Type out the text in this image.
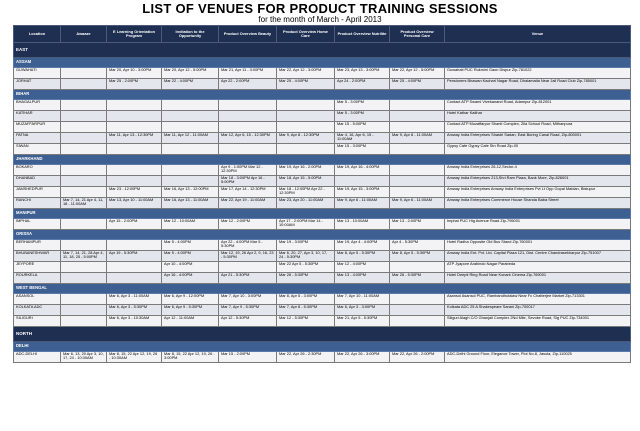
LIST OF VENUES FOR PRODUCT TRAINING SESSIONS
for the month of March - April 2013
Location	Awaaze	E Learning Orientation Program	Invitation to the Opportunity	Product Overview Beauty	Product Overview Home Care	Product Overview Nutrilite	Product Overview Personal Care	Venue
EAST								
ASSAM								
GUWAHATI		Mar 20, Apr 10 - 3:00PM	Mar 20, Apr 12 - 5:00PM	Mar 21, Apr 11 - 3:00PM	Mar 22, Apr 12 - 3:00PM	Mar 23, Apr 13 - 3:00PM	Mar 22, Apr 12 - 5:00PM	Guwahati PUC Rukmini Gaon Dispur Zip-781022
JORHAT		Mar 25 - 2:00PM	Mar 22 - 4:00PM	Apr 22 - 2:00PM	Mar 25 - 4:00PM	Apr 24 - 2:00PM	Mar 25 - 4:00PM	Pensioners Bhawan Kachari Nagar Road, Dhalamatia Near Jail Road Club Zip-785001
BIHAR								
BHAGALPUR						Mar 5 - 3:00PM		Contact ATP Swami Vivekanand Road, Adampur Zip-812001
KATIHAR						Mar 5 - 3:00PM		Hotel Kathar Katihar
MUZAFFARPUR						Mar 15 - 5:00PM		Contact ATP Muzaffarpur Shanti Complex, Zila School Road, Mithanpura
PATNA		Mar 11, Apr 13 - 12:30PM	Mar 11, Apr 12 - 11:00AM	Mar 12, Apr 6, 15 - 12:30PM	Mar 9, Apr 8 - 12:30PM	Mar 4, 16, Apr 6, 15 - 11:00AM	Mar 9, Apr 8 - 11:00AM	Amway India Enterprises Shastri Sadan, East Boring Canal Road, Zip-800001
SIWAN						Mar 15 - 3:00PM		Gypsy Cafe Gypsy Cafe Stn Road Zip-00
JHARKHAND								
BOKARO				Apr 9 - 1:00PM Mar 12 - 12:30PM	Mar 19, Apr 16 - 2:00PM	Mar 19, Apr 16 - 4:00PM		Amway India Enterprises 26-12,Sector-4
DHANBAD				Mar 18 - 3:00PM Apr 16 - 5:00PM	Mar 18, Apr 15 - 5:00PM			Amway India Enterprises 213,Shri Ram Plaza, Bank More, Zip-826001
JAMSHEDPUR		Mar 23 - 12:00PM	Mar 16, Apr 13 - 12:00PM	Mar 17, Apr 14 - 12:30PM	Mar 18 - 12:00PM Apr 22 - 12:30PM	Mar 19, Apr 15 - 3:00PM		Amway India Enterprises Amway India Enterprises Pvt Lt Opp Gopal Maidan, Bistupur
RANCHI	Mar 7, 14, 21 Apr 4, 11, 18 - 11:00AM	Mar 13, Apr 10 - 11:00AM	Mar 16, Apr 13 - 11:00AM	Mar 22, Apr 19 - 11:00AM	Mar 23, Apr 20 - 11:00AM	Mar 9, Apr 6 - 11:00AM	Mar 9, Apr 6 - 11:00AM	Amway India Enterprises Commerce House Shanda Baba Street
MANIPUR								
IMPHAL		Apr 15 - 2:00PM	Mar 12 - 10:00AM	Mar 12 - 2:00PM	Apr 17 - 2:00PM Mar 14 - 10:00AM	Mar 13 - 10:00AM	Mar 13 - 2:00PM	Imphal PUC Hig Avenue Road Zip-795001
ORISSA								
BERHAMPUR			Mar 5 - 4:00PM	Apr 22 - 4:00PM Mar 5 - 5:30PM	Mar 19 - 3:00PM	Mar 19, Apr 4 - 4:00PM	Apr 4 - 5:30PM	Hotel Radha Opposite Old Bus Stand Zip-760001
BHUBANESHWAR	Mar 7, 14, 21, 28 Apr 4, 11, 18, 25 - 5:00PM	Apr 19 - 5:30PM	Mar 5 - 4:00PM	Mar 12, 19, 26 Apr 2, 9, 16, 23 - 5:30PM	Mar 6, 20, 27, Apr 3, 10, 17, 24 - 5:30PM	Mar 8, Apr 5 - 5:30PM	Mar 8, Apr 5 - 5:30PM	Amway India Ent. Pvt. Ltd. Capital Plaza 121, Dist. Centre Chandrasekharpur Zip-751007
JEYPORE			Apr 10 - 4:00PM		Mar 22 Apr 5 - 5:30PM	Mar 12 - 4:00PM		ATP Jyapore Arabindo Nagar Parabeda
ROURKELA			Apr 16 - 4:00PM	Apr 21 - 5:30PM	Mar 26 - 5:30PM	Mar 13 - 4:00PM	Mar 26 - 5:30PM	Hotel Deepti Ring Road Near Konark Cinema Zip-769001
WEST BENGAL								
ASANSOL		Mar 6, Apr 3 - 11:00AM	Mar 6, Apr 9 - 12:00PM	Mar 7, Apr 10 - 3:00PM	Mar 8, Apr 5 - 3:00PM	Mar 7, Apr 10 - 11:00AM		Asansol Asansol PUC, Rambandhutalaw Near Fc Chatterjee Market Zip-713301
KOLKATA ADC		Mar 6, Apr 3 - 5:30PM	Mar 6, Apr 9 - 5:30PM	Mar 7, Apr 9 - 5:30PM	Mar 7, Apr 8 - 5:30PM	Mar 6, Apr 3 - 3:00PM		Kolkata ADC 25 A Shakespeare Sarani Zip-700017
SILIGURI		Mar 6, Apr 3 - 10:30AM	Apr 12 - 11:00AM	Apr 12 - 5:30PM	Mar 12 - 5:30PM	Mar 21, Apr 5 - 5:30PM		Siliguri Alagh C/O Ghanjali Complex 2Nd Mile, Sevoke Road, Slg PUC Zip-734001
NORTH								
DELHI								
ADC-DELHI	Mar 6, 13, 20 Apr 3, 10, 17, 24 - 10:30AM	Mar 8, 15, 22 Apr 12, 19, 26 - 10:30AM	Mar 8, 15, 22 Apr 12, 19, 26 - 3:00PM	Mar 15 - 2:00PM	Mar 22, Apr 26 - 2:30PM	Mar 22, Apr 26 - 3:00PM	Mar 22, Apr 26 - 2:00PM	ADC-Delhi Ground Floor, Elegance Tower, Plot No.8, Jasola, Zip-110025
